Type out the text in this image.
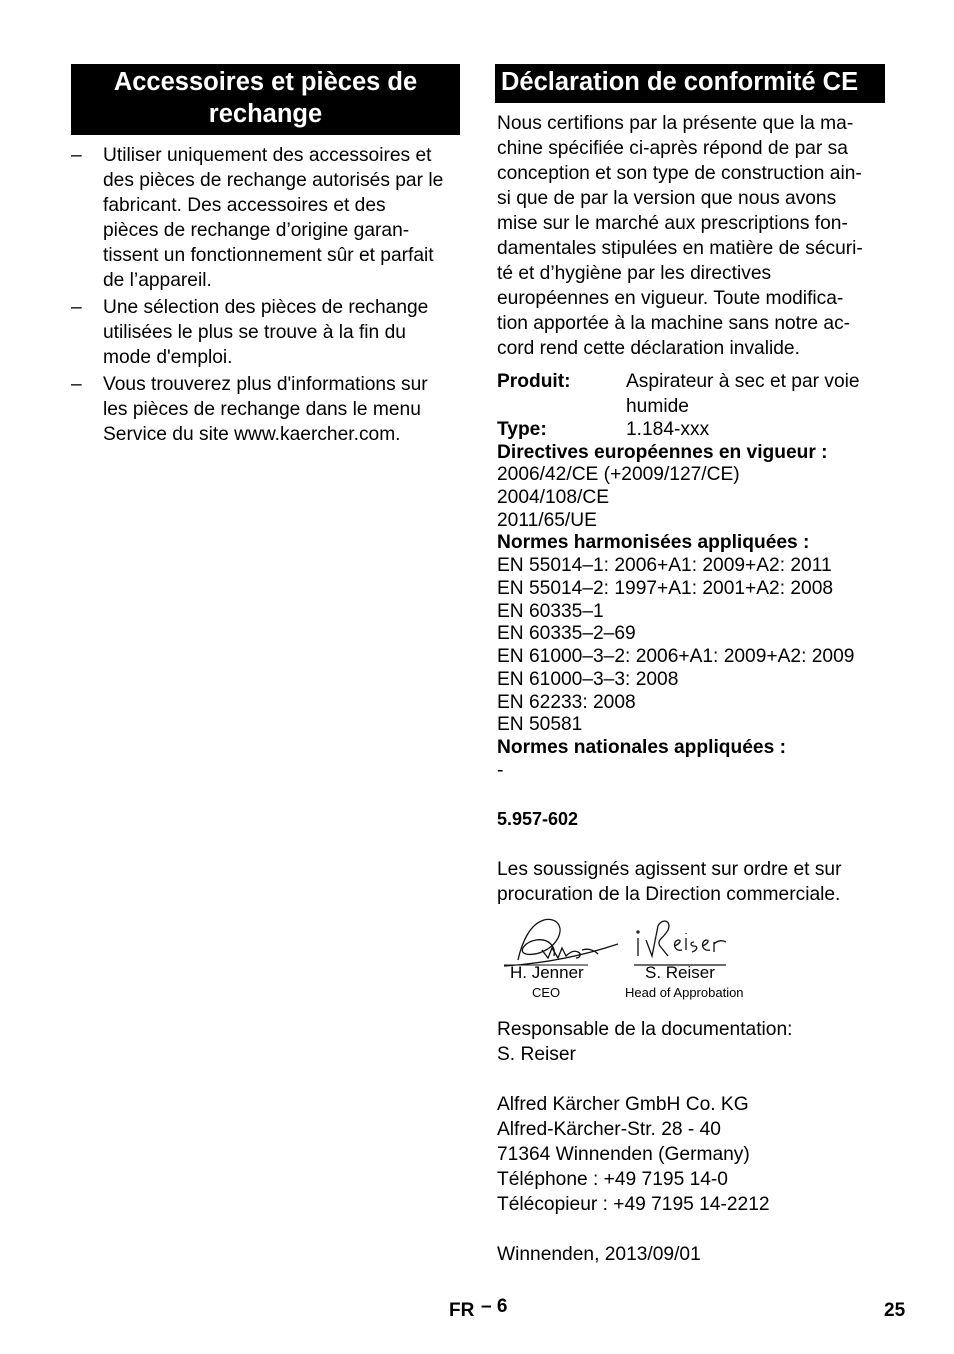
Accessoires et pièces de
rechange
– Utiliser uniquement des accessoires et
des pièces de rechange autorisés par le
fabricant. Des accessoires et des
pièces de rechange d’origine garan-
tissent un fonctionnement sûr et parfait
de l’appareil.
– Une sélection des pièces de rechange
utilisées le plus se trouve à la fin du
mode d'emploi.
– Vous trouverez plus d'informations sur
les pièces de rechange dans le menu
Service du site www.kaercher.com.
Déclaration de conformité CE
Nous certifions par la présente que la ma-
chine spécifiée ci-après répond de par sa
conception et son type de construction ain-
si que de par la version que nous avons
mise sur le marché aux prescriptions fon-
damentales stipulées en matière de sécuri-
té et d’hygiène par les directives
européennes en vigueur. Toute modifica-
tion apportée à la machine sans notre ac-
cord rend cette déclaration invalide.
Produit:	Aspirateur à sec et par voie
humide
Type:	1.184-xxx
Directives européennes en vigueur :
2006/42/CE (+2009/127/CE)
2004/108/CE
2011/65/UE
Normes harmonisées appliquées :
EN 55014–1: 2006+A1: 2009+A2: 2011
EN 55014–2: 1997+A1: 2001+A2: 2008
EN 60335–1
EN 60335–2–69
EN 61000–3–2: 2006+A1: 2009+A2: 2009
EN 61000–3–3: 2008
EN 62233: 2008
EN 50581
Normes nationales appliquées :
-
5.957-602
Les soussignés agissent sur ordre et sur
procuration de la Direction commerciale.
H. Jenner
CEO
S. Reiser
Head of Approbation
Responsable de la documentation:
S. Reiser
Alfred Kärcher GmbH Co. KG
Alfred-Kärcher-Str. 28 - 40
71364 Winnenden (Germany)
Téléphone : +49 7195 14-0
Télécopieur : +49 7195 14-2212
Winnenden, 2013/09/01
FR – 6	25
